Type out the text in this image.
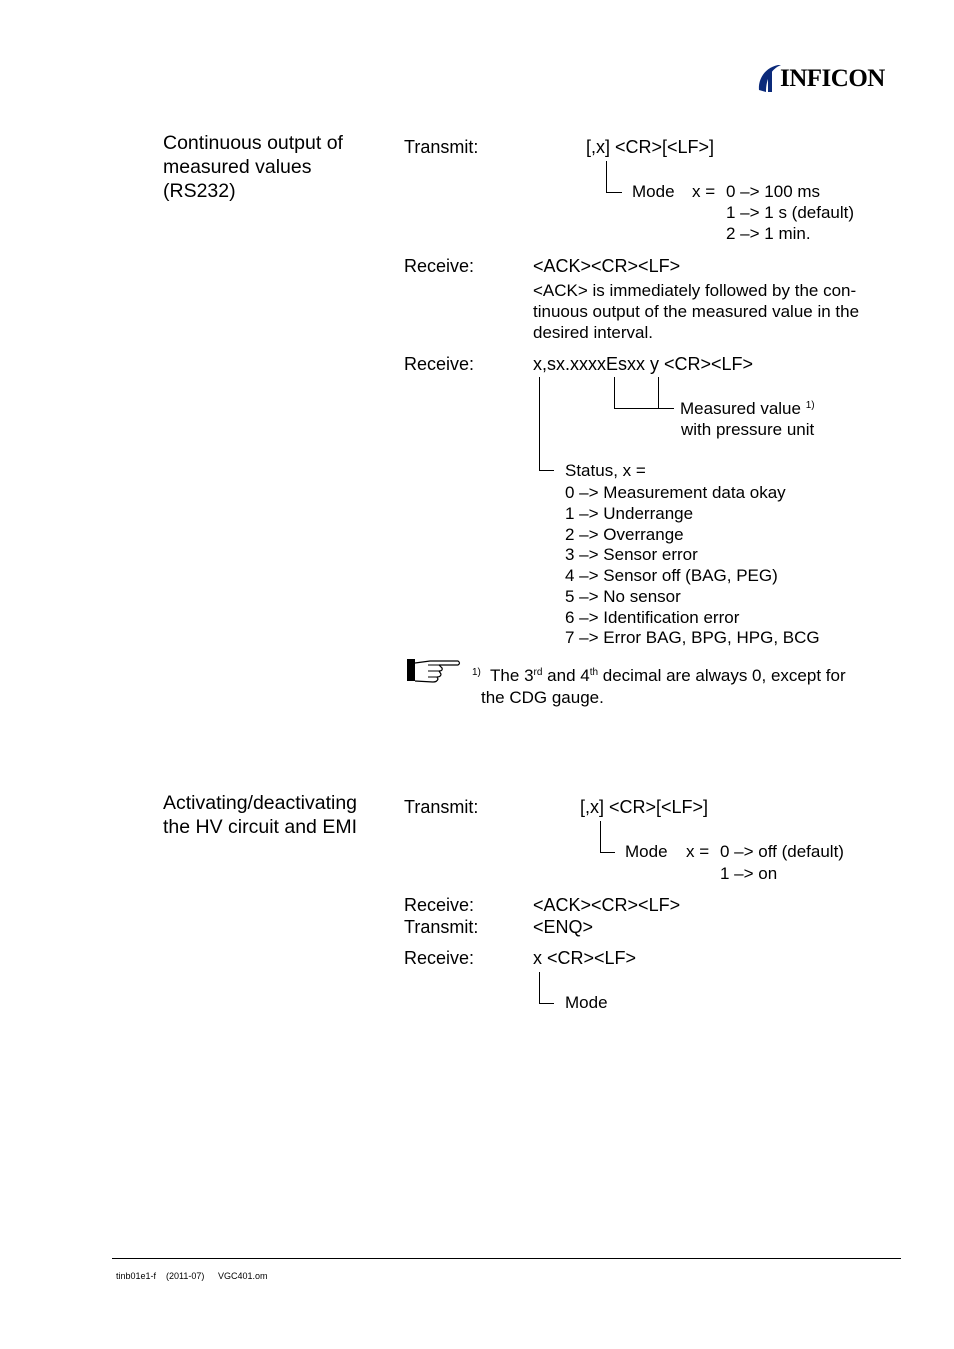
INFICON
Continuous output of
measured values
(RS232)
Transmit:	[,x] <CR>[<LF>]
Mode x = 0 –> 100 ms
1 –> 1 s (default)
2 –> 1 min.
Receive:	<ACK><CR><LF>
<ACK> is immediately followed by the con-
tinuous output of the measured value in the
desired interval.
Receive:	x,sx.xxxxEsxx y <CR><LF>
Measured value $^{1)}$
with pressure unit
Status, x =
0 –> Measurement data okay
1 –> Underrange
2 –> Overrange
3 –> Sensor error
4 –> Sensor off (BAG, PEG)
5 –> No sensor
6 –> Identification error
7 –> Error BAG, BPG, HPG, BCG
$^{1)}$ The 3rd and 4th decimal are always 0, except for
the CDG gauge.
Activating/deactivating
the HV circuit and EMI
Transmit:	[,x] <CR>[<LF>]
Mode x = 0 –> off (default)
1 –> on
Receive:	<ACK><CR><LF>
Transmit:	<ENQ>
Receive:	x <CR><LF>
Mode
tinb01e1-f (2011-07) VGC401.om
